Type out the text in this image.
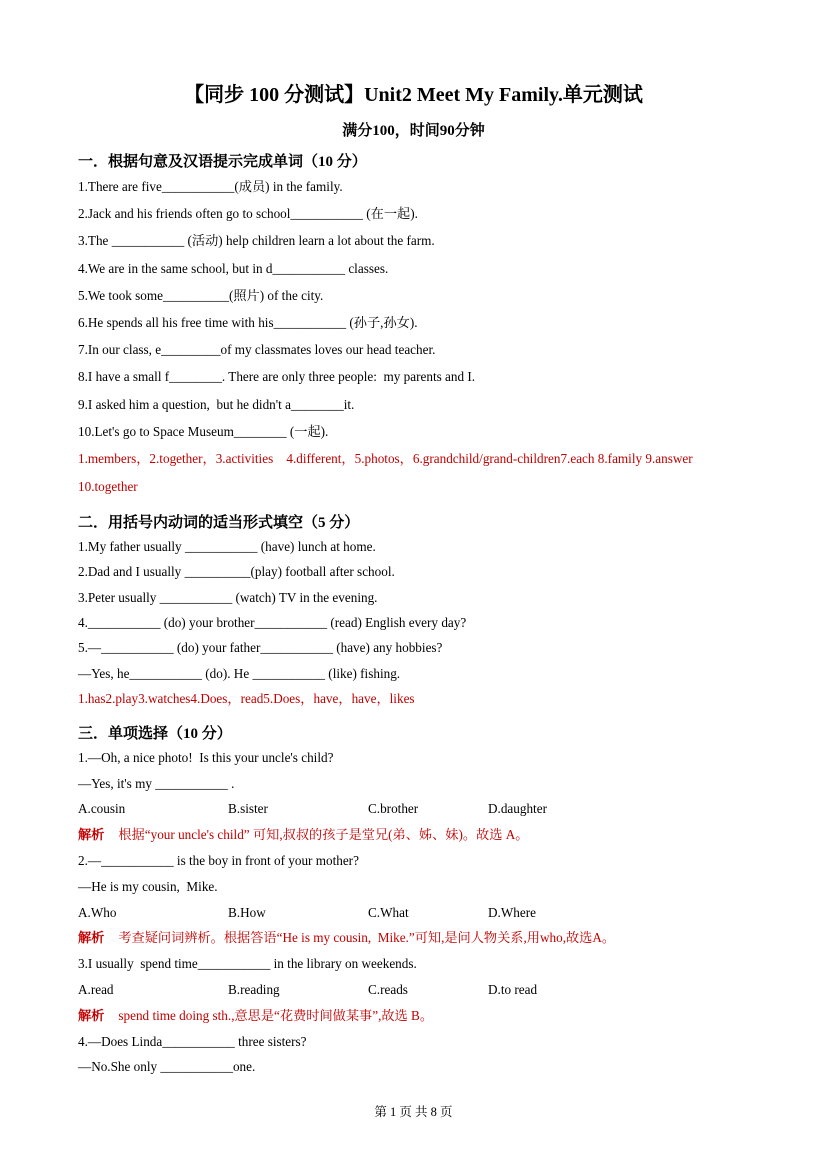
【同步 100 分测试】Unit2 Meet My Family.单元测试
满分100，时间90分钟
一．根据句意及汉语提示完成单词（10 分）
1.There are five___________(成员) in the family.
2.Jack and his friends often go to school___________ (在一起).
3.The ___________ (活动) help children learn a lot about the farm.
4.We are in the same school, but in d___________ classes.
5.We took some__________(照片) of the city.
6.He spends all his free time with his___________ (孙子,孙女).
7.In our class, e_________of my classmates loves our head teacher.
8.I have a small f________. There are only three people:  my parents and I.
9.I asked him a question,  but he didn't a________it.
10.Let's go to Space Museum________ (一起).
1.members，2.together，3.activities    4.different，5.photos，6.grandchild/grand-children7.each 8.family 9.answer
10.together
二．用括号内动词的适当形式填空（5 分）
1.My father usually ___________ (have) lunch at home.
2.Dad and I usually __________(play) football after school.
3.Peter usually ___________ (watch) TV in the evening.
4.___________ (do) your brother___________ (read) English every day?
5.—___________ (do) your father___________ (have) any hobbies?
—Yes, he___________ (do). He ___________ (like) fishing.
1.has2.play3.watches4.Does，read5.Does，have，have，likes
三．单项选择（10 分）
1.—Oh, a nice photo!  Is this your uncle's child?
—Yes, it's my ___________ .
A.cousin	B.sister	C.brother	D.daughter
解析 根据“your uncle's child” 可知,叔叔的孩子是堂兄(弟、姊、妹)。故选 A。
2.—___________ is the boy in front of your mother?
—He is my cousin,  Mike.
A.Who	B.How	C.What	D.Where
解析 考查疑问词辨析。根据答语“He is my cousin,  Mike.”可知,是问人物关系,用who,故选A。
3.I usually  spend time___________ in the library on weekends.
A.read	B.reading	C.reads	D.to read
解析 spend time doing sth.,意思是“花费时间做某事”,故选 B。
4.—Does Linda___________ three sisters?
—No.She only ___________one.
第 1 页 共 8 页
